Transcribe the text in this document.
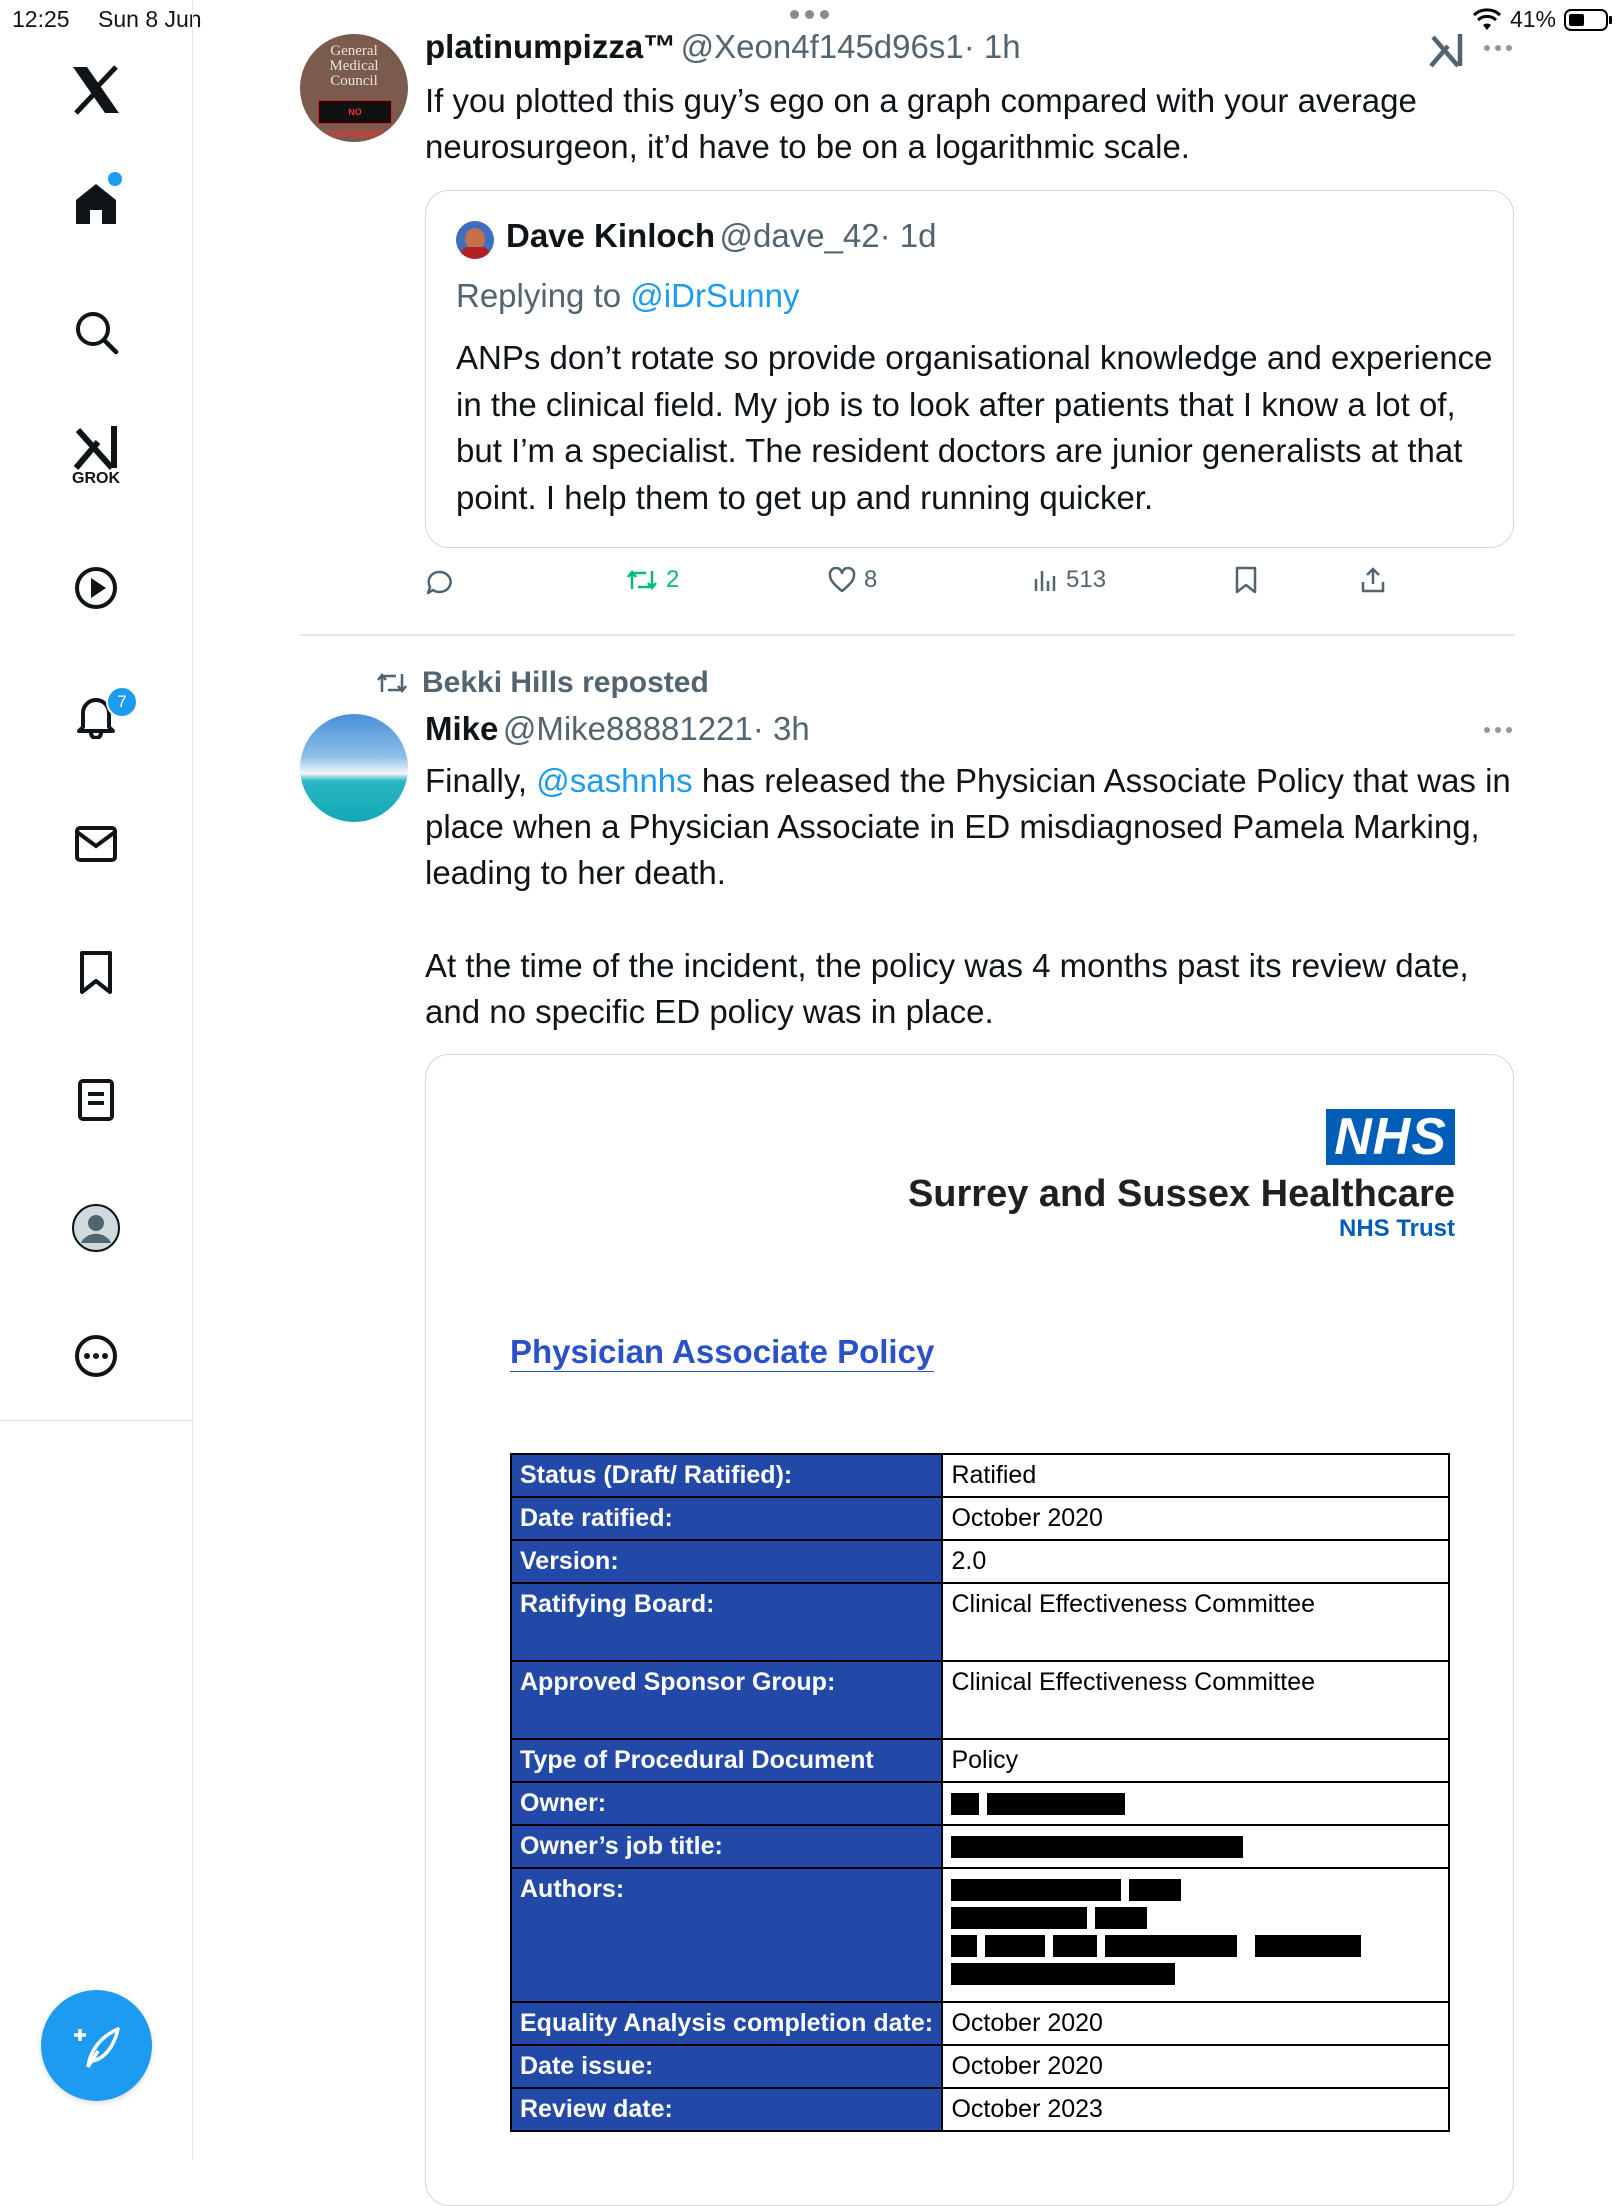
12:25 Sun 8 Jun	41%
GROK
7
General
Medical
Council
NO CONFIDENCE
platinumpizza™ @Xeon4f145d96s1· 1h
If you plotted this guy’s ego on a graph compared with your average neurosurgeon, it’d have to be on a logarithmic scale.
Dave Kinloch @dave_42· 1d
Replying to @iDrSunny
ANPs don’t rotate so provide organisational knowledge and experience in the clinical field. My job is to look after patients that I know a lot of, but I’m a specialist. The resident doctors are junior generalists at that point. I help them to get up and running quicker.
2	8	513
Bekki Hills reposted
Mike @Mike88881221· 3h
Finally, @sashnhs has released the Physician Associate Policy that was in place when a Physician Associate in ED misdiagnosed Pamela Marking, leading to her death.
At the time of the incident, the policy was 4 months past its review date, and no specific ED policy was in place.
NHS
Surrey and Sussex Healthcare
NHS Trust
Physician Associate Policy
Status (Draft/ Ratified):	Ratified
Date ratified:	October 2020
Version:	2.0
Ratifying Board:	Clinical Effectiveness Committee
Approved Sponsor Group:	Clinical Effectiveness Committee
Type of Procedural Document	Policy
Owner:	
Owner’s job title:	
Authors:	

Equality Analysis completion date:	October 2020
Date issue:	October 2020
Review date:	October 2023
